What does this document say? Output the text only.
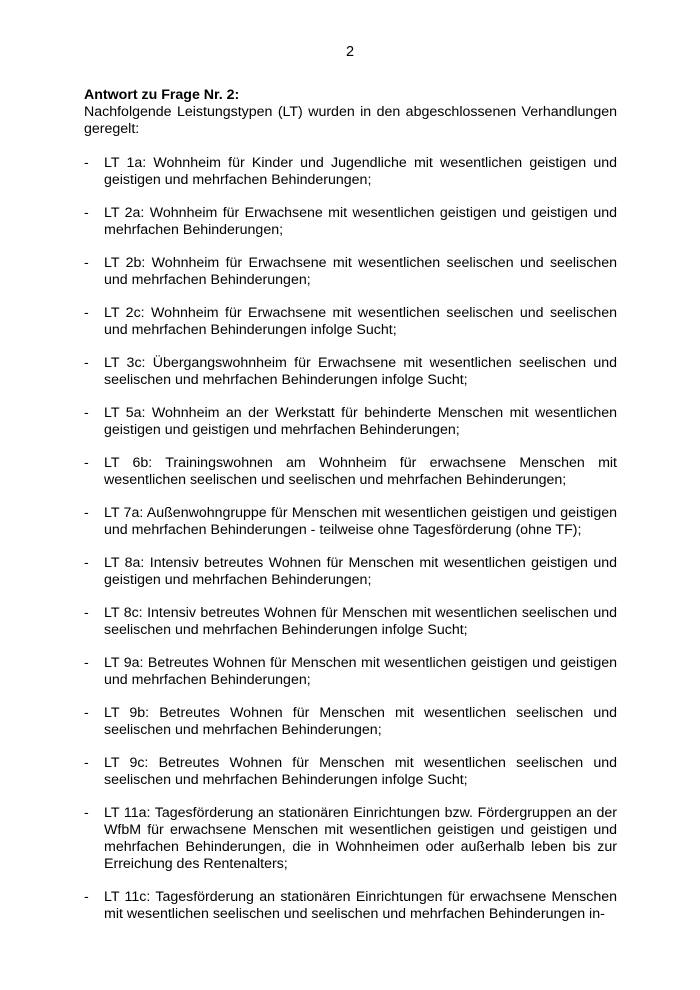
2

Antwort zu Frage Nr. 2:

Nachfolgende Leistungstypen (LT) wurden in den abgeschlossenen Verhandlungen geregelt:

- LT 1a: Wohnheim für Kinder und Jugendliche mit wesentlichen geistigen und geistigen und mehrfachen Behinderungen;
- LT 2a: Wohnheim für Erwachsene mit wesentlichen geistigen und geistigen und mehrfachen Behinderungen;
- LT 2b: Wohnheim für Erwachsene mit wesentlichen seelischen und seelischen und mehrfachen Behinderungen;
- LT 2c: Wohnheim für Erwachsene mit wesentlichen seelischen und seelischen und mehrfachen Behinderungen infolge Sucht;
- LT 3c: Übergangswohnheim für Erwachsene mit wesentlichen seelischen und seelischen und mehrfachen Behinderungen infolge Sucht;
- LT 5a: Wohnheim an der Werkstatt für behinderte Menschen mit wesentlichen geistigen und geistigen und mehrfachen Behinderungen;
- LT 6b: Trainingswohnen am Wohnheim für erwachsene Menschen mit wesentlichen seelischen und seelischen und mehrfachen Behinderungen;
- LT 7a: Außenwohngruppe für Menschen mit wesentlichen geistigen und geistigen und mehrfachen Behinderungen - teilweise ohne Tagesförderung (ohne TF);
- LT 8a: Intensiv betreutes Wohnen für Menschen mit wesentlichen geistigen und geistigen und mehrfachen Behinderungen;
- LT 8c: Intensiv betreutes Wohnen für Menschen mit wesentlichen seelischen und seelischen und mehrfachen Behinderungen infolge Sucht;
- LT 9a: Betreutes Wohnen für Menschen mit wesentlichen geistigen und geistigen und mehrfachen Behinderungen;
- LT 9b: Betreutes Wohnen für Menschen mit wesentlichen seelischen und seelischen und mehrfachen Behinderungen;
- LT 9c: Betreutes Wohnen für Menschen mit wesentlichen seelischen und seelischen und mehrfachen Behinderungen infolge Sucht;
- LT 11a: Tagesförderung an stationären Einrichtungen bzw. Fördergruppen an der WfbM für erwachsene Menschen mit wesentlichen geistigen und geistigen und mehrfachen Behinderungen, die in Wohnheimen oder außerhalb leben bis zur Erreichung des Rentenalters;
- LT 11c: Tagesförderung an stationären Einrichtungen für erwachsene Menschen mit wesentlichen seelischen und seelischen und mehrfachen Behinderungen in-
